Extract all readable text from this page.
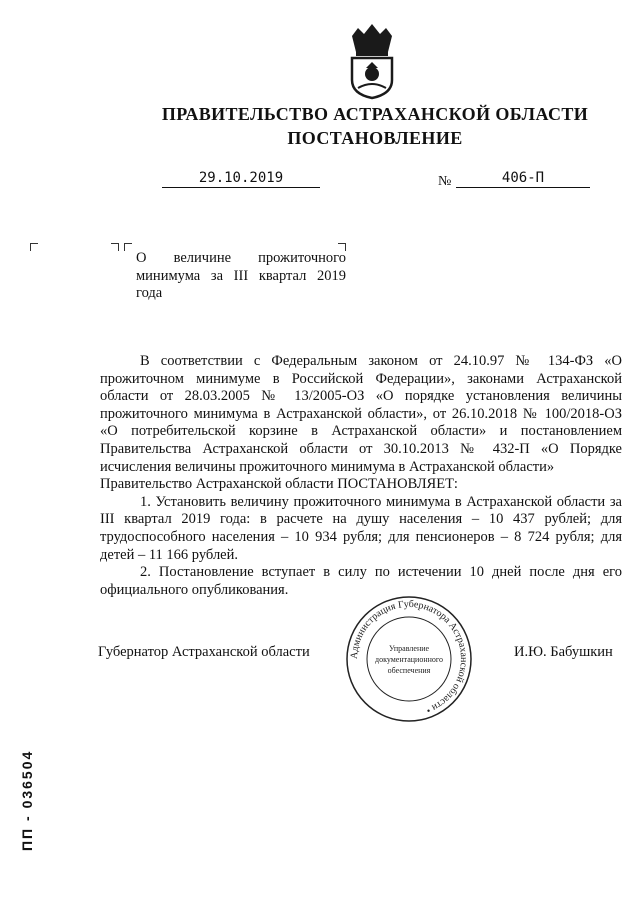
ПРАВИТЕЛЬСТВО АСТРАХАНСКОЙ ОБЛАСТИ
ПОСТАНОВЛЕНИЕ
29.10.2019	№	406-П
О величине прожиточного минимума за III квартал 2019 года

В соответствии с Федеральным законом от 24.10.97 № 134-ФЗ «О прожиточном минимуме в Российской Федерации», законами Астраханской области от 28.03.2005 № 13/2005-ОЗ «О порядке установления величины прожиточного минимума в Астраханской области», от 26.10.2018 № 100/2018-ОЗ «О потребительской корзине в Астраханской области» и постановлением Правительства Астраханской области от 30.10.2013 № 432-П «О Порядке исчисления величины прожиточного минимума в Астраханской области»

Правительство Астраханской области ПОСТАНОВЛЯЕТ:

1. Установить величину прожиточного минимума в Астраханской области за III квартал 2019 года: в расчете на душу населения – 10 437 рублей; для трудоспособного населения – 10 934 рубля; для пенсионеров – 8 724 рубля; для детей – 11 166 рублей.

2. Постановление вступает в силу по истечении 10 дней после дня его официального опубликования.

Губернатор Астраханской области	И.Ю. Бабушкин
Администрация Губернатора Астраханской области •
Управление
документационного
обеспечения
ПП - 036504
